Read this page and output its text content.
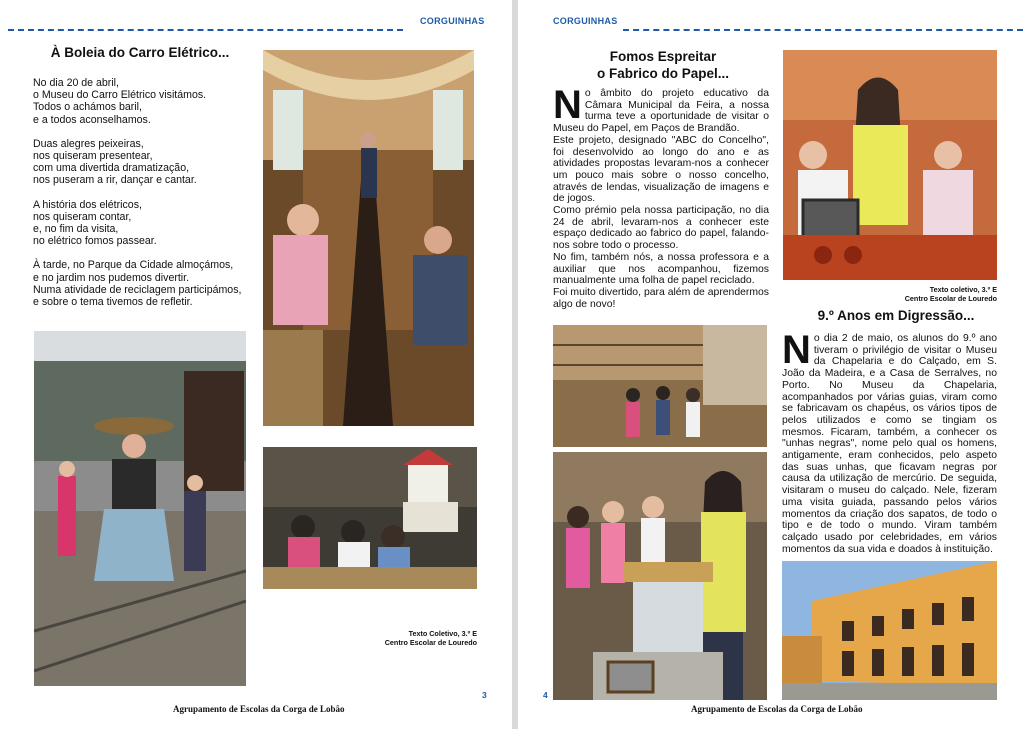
CORGUINHAS
À Boleia do Carro Elétrico...
No dia 20 de abril,
o Museu do Carro Elétrico visitámos.
Todos o achámos baril,
e a todos aconselhamos.
Duas alegres peixeiras,
nos quiseram presentear,
com uma divertida dramatização,
nos puseram a rir, dançar e cantar.
A história dos elétricos,
nos quiseram contar,
e, no fim da visita,
no elétrico fomos passear.
À tarde, no Parque da Cidade almoçámos,
e no jardim nos pudemos divertir.
Numa atividade de reciclagem participámos,
e sobre o tema tivemos de refletir.
Texto Coletivo, 3.º E
Centro Escolar de Louredo
3
Agrupamento de Escolas da Corga de Lobão
CORGUINHAS
Fomos Espreitar
o Fabrico do Papel...

No âmbito do projeto educativo da Câmara Municipal da Feira, a nossa turma teve a oportunidade de visitar o Museu do Papel, em Paços de Brandão.

Este projeto, designado "ABC do Concelho", foi desenvolvido ao longo do ano e as atividades propostas levaram-nos a conhecer um pouco mais sobre o nosso concelho, através de lendas, visualização de imagens e de jogos.

Como prémio pela nossa participação, no dia 24 de abril, levaram-nos a conhecer este espaço dedicado ao fabrico do papel, falando-nos sobre todo o processo.

No fim, também nós, a nossa professora e a auxiliar que nos acompanhou, fizemos manualmente uma folha de papel reciclado.

Foi muito divertido, para além de aprendermos algo de novo!

Texto coletivo, 3.º E
Centro Escolar de Louredo
9.º Anos em Digressão...

No dia 2 de maio, os alunos do 9.º ano tiveram o privilégio de visitar o Museu da Chapelaria e do Calçado, em S. João da Madeira, e a Casa de Serralves, no Porto. No Museu da Chapelaria, acompanhados por várias guias, viram como se fabricavam os chapéus, os vários tipos de pelos utilizados e como se tingiam os mesmos. Ficaram, também, a conhecer os "unhas negras", nome pelo qual os homens, antigamente, eram conhecidos, pelo aspeto das suas unhas, que ficavam negras por causa da utilização de mercúrio. De seguida, visitaram o museu do calçado. Nele, fizeram uma visita guiada, passando pelos vários momentos da criação dos sapatos, de todo o tipo e de todo o mundo. Viram também calçado usado por celebridades, em vários momentos da sua vida e doados à instituição.

4
Agrupamento de Escolas da Corga de Lobão
